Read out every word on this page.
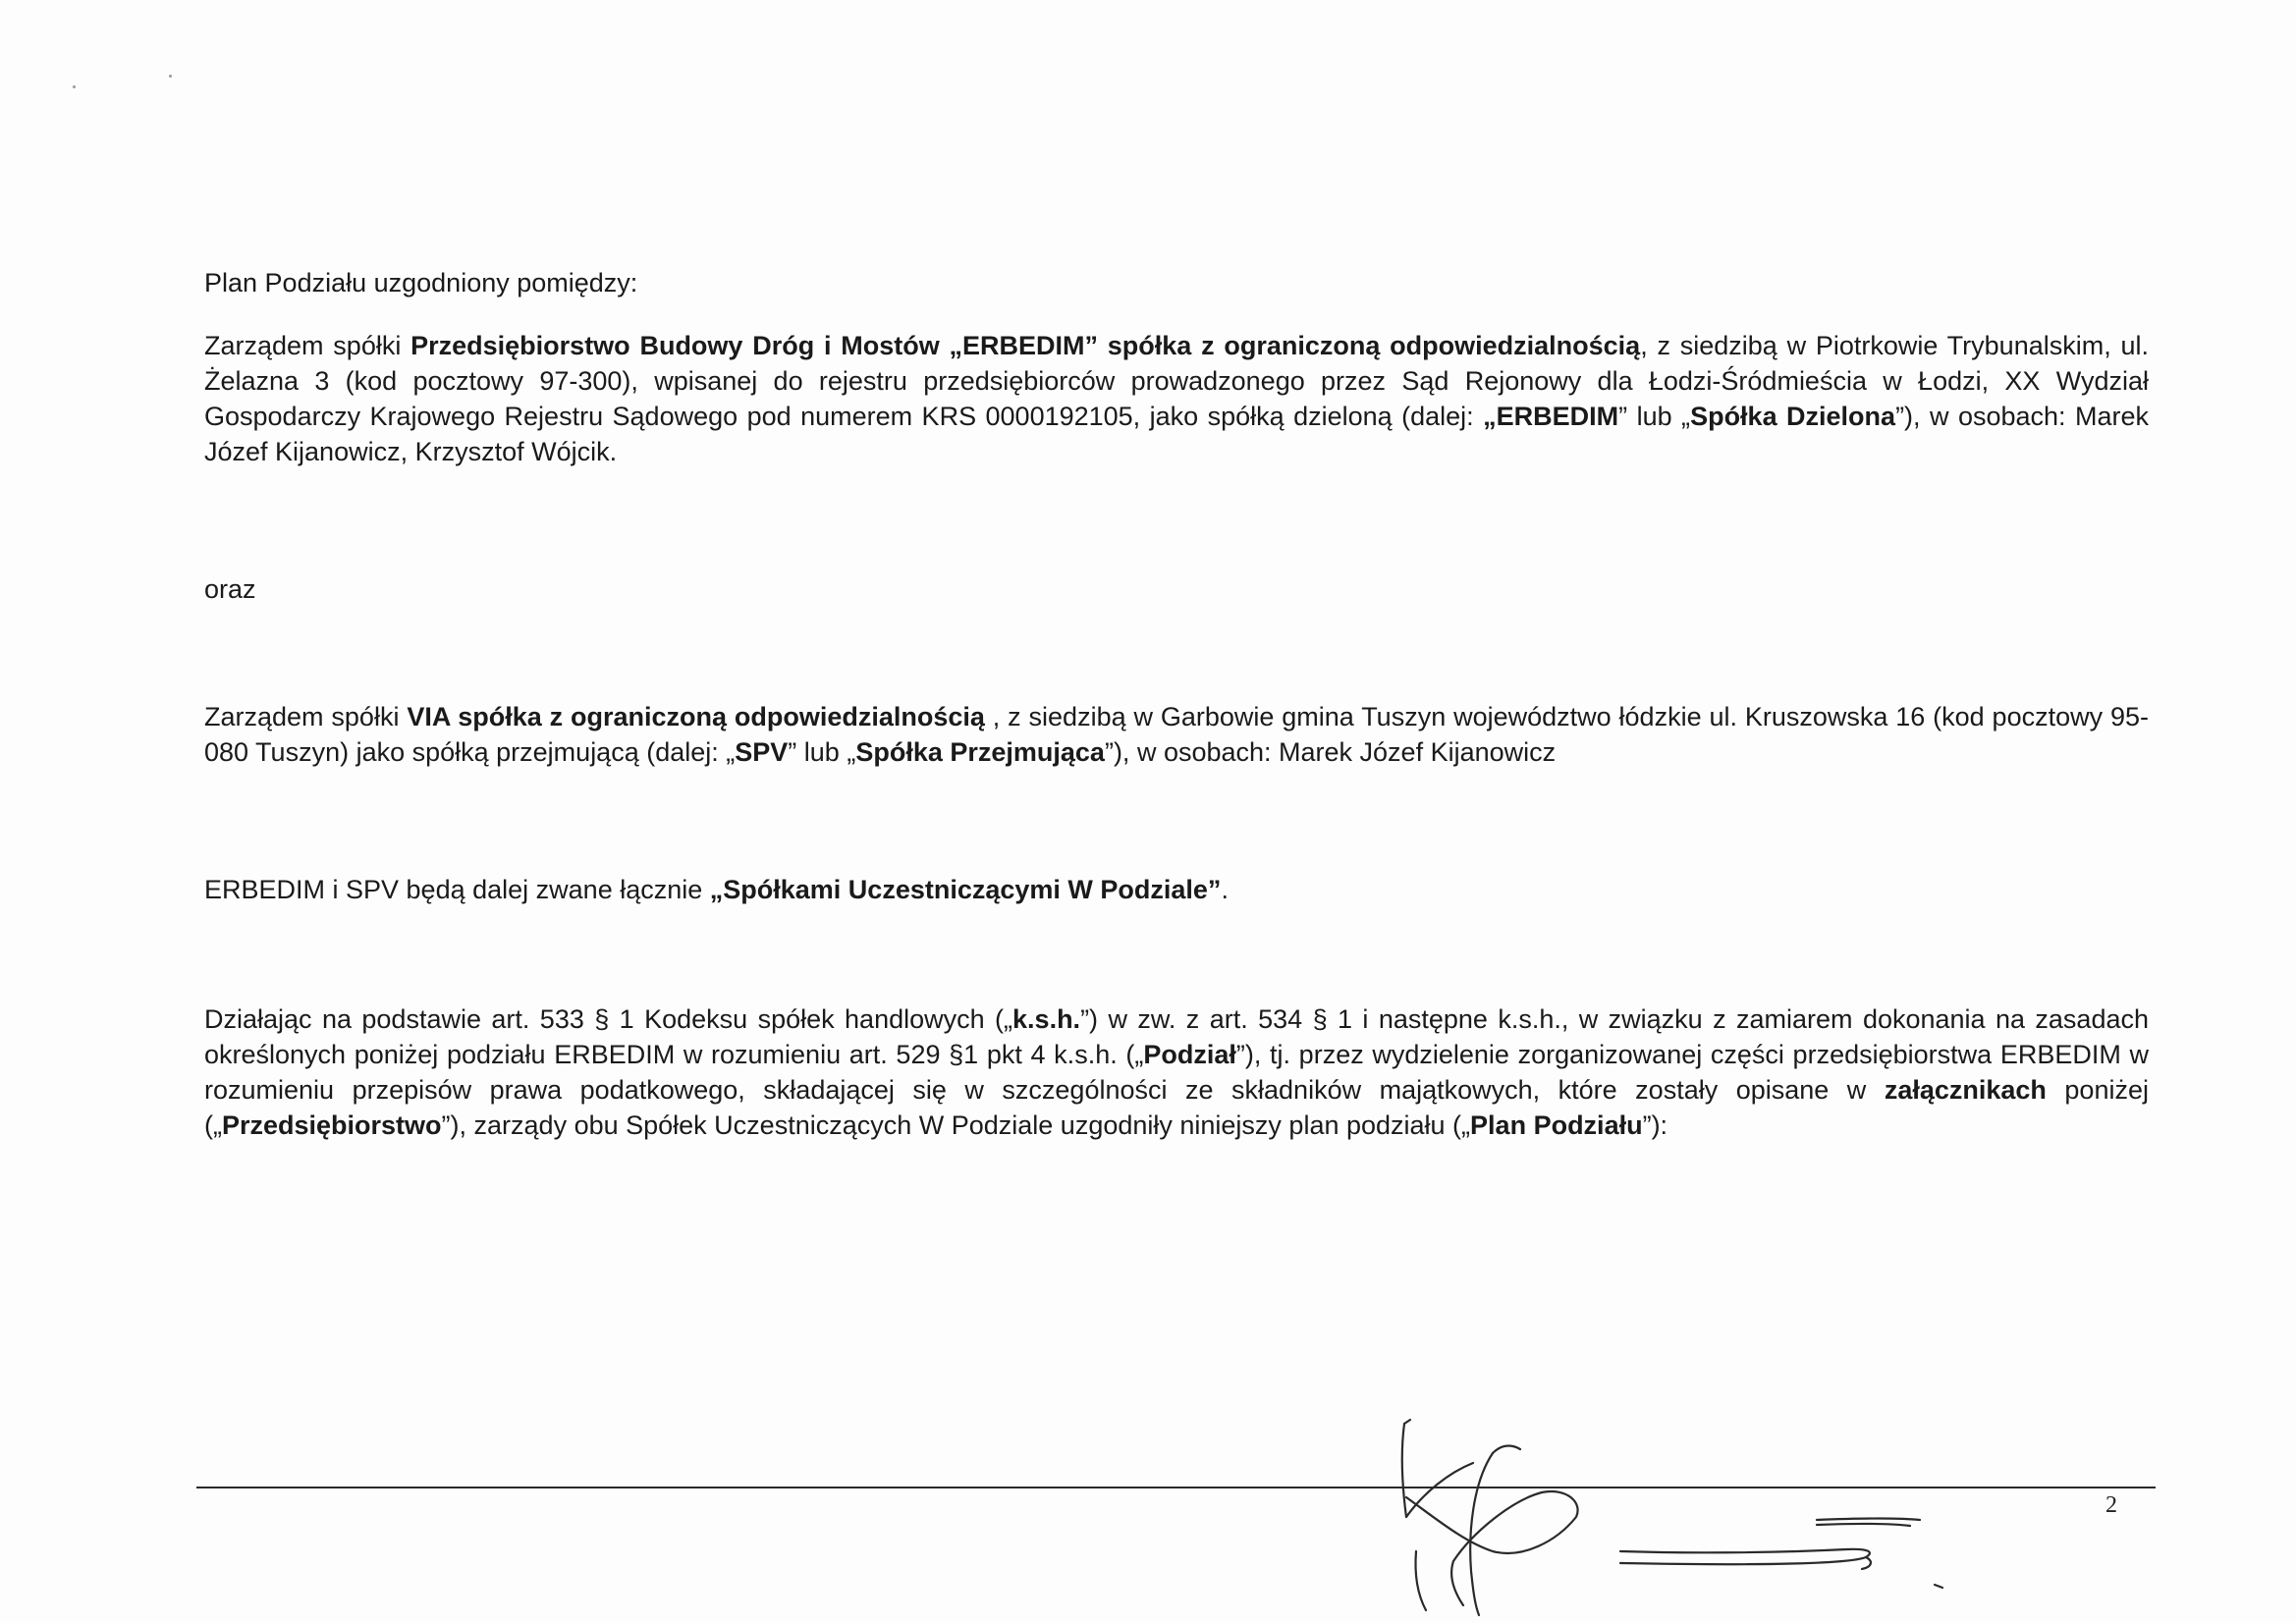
Plan Podziału uzgodniony pomiędzy:
Zarządem spółki Przedsiębiorstwo Budowy Dróg i Mostów „ERBEDIM” spółka z ograniczoną odpowiedzialnością, z siedzibą w Piotrkowie Trybunalskim, ul. Żelazna 3 (kod pocztowy 97-300), wpisanej do rejestru przedsiębiorców prowadzonego przez Sąd Rejonowy dla Łodzi-Śródmieścia w Łodzi, XX Wydział Gospodarczy Krajowego Rejestru Sądowego pod numerem KRS 0000192105, jako spółką dzieloną (dalej: „ERBEDIM” lub „Spółka Dzielona”), w osobach: Marek Józef Kijanowicz, Krzysztof Wójcik.
oraz
Zarządem spółki VIA spółka z ograniczoną odpowiedzialnością , z siedzibą w Garbowie gmina Tuszyn województwo łódzkie ul. Kruszowska 16 (kod pocztowy 95-080 Tuszyn) jako spółką przejmującą (dalej: „SPV” lub „Spółka Przejmująca”), w osobach: Marek Józef Kijanowicz
ERBEDIM i SPV będą dalej zwane łącznie „Spółkami Uczestniczącymi W Podziale”.
Działając na podstawie art. 533 § 1 Kodeksu spółek handlowych („k.s.h.”) w zw. z art. 534 § 1 i następne k.s.h., w związku z zamiarem dokonania na zasadach określonych poniżej podziału ERBEDIM w rozumieniu art. 529 §1 pkt 4 k.s.h. („Podział”), tj. przez wydzielenie zorganizowanej części przedsiębiorstwa ERBEDIM w rozumieniu przepisów prawa podatkowego, składającej się w szczególności ze składników majątkowych, które zostały opisane w załącznikach poniżej („Przedsiębiorstwo”), zarządy obu Spółek Uczestniczących W Podziale uzgodniły niniejszy plan podziału („Plan Podziału”):
2
